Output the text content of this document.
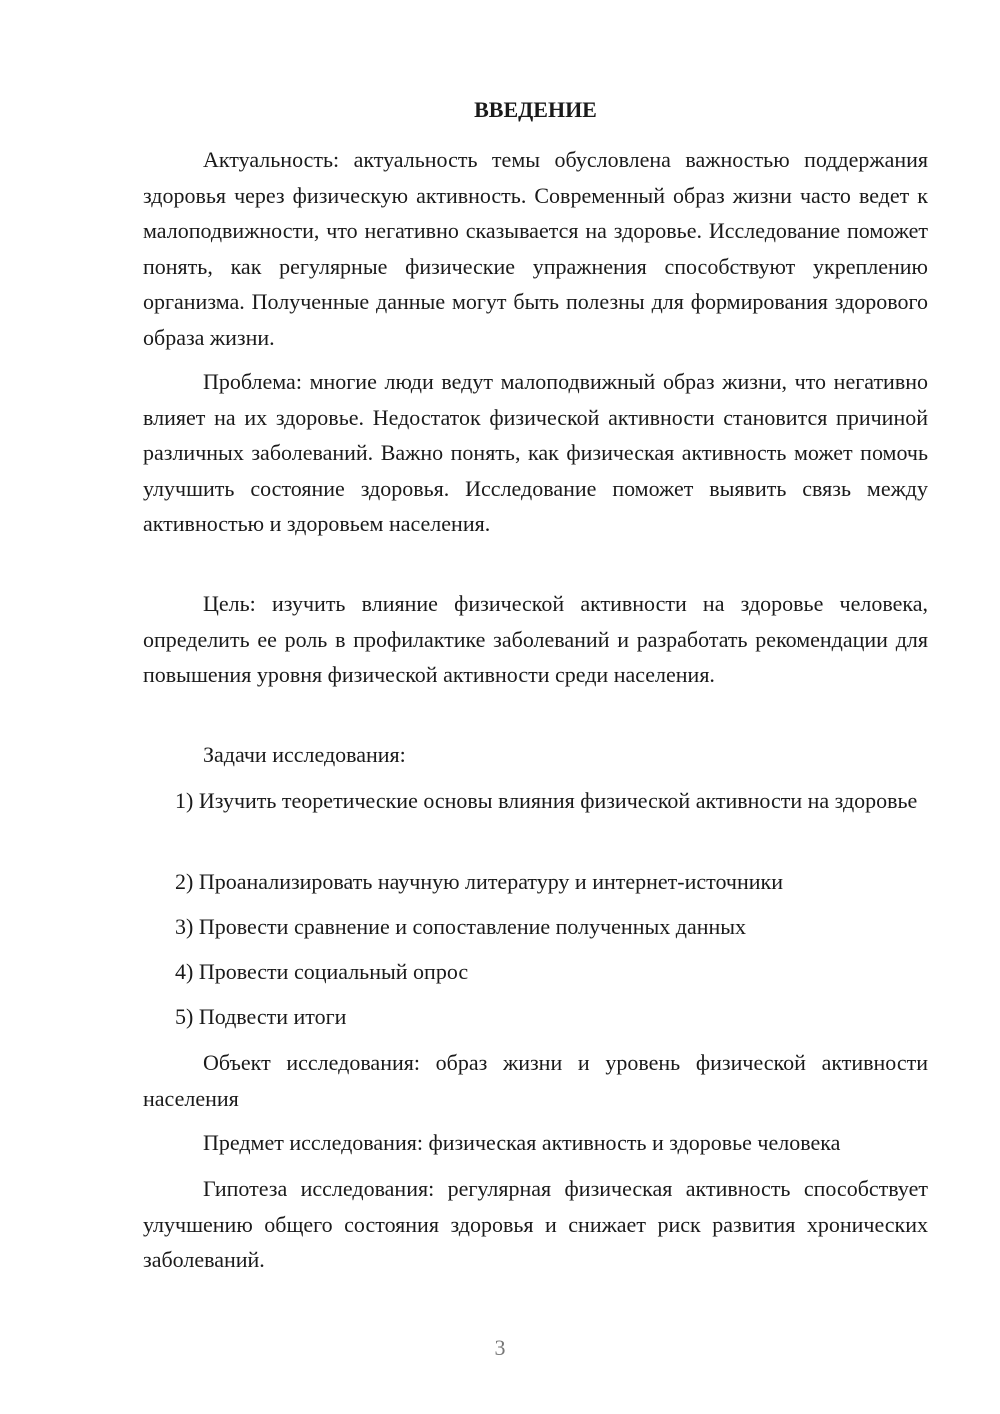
ВВЕДЕНИЕ

Актуальность: актуальность темы обусловлена важностью поддержания здоровья через физическую активность. Современный образ жизни часто ведет к малоподвижности, что негативно сказывается на здоровье. Исследование поможет понять, как регулярные физические упражнения способствуют укреплению организма. Полученные данные могут быть полезны для формирования здорового образа жизни.

Проблема: многие люди ведут малоподвижный образ жизни, что негативно влияет на их здоровье. Недостаток физической активности становится причиной различных заболеваний. Важно понять, как физическая активность может помочь улучшить состояние здоровья. Исследование поможет выявить связь между активностью и здоровьем населения.

Цель: изучить влияние физической активности на здоровье человека, определить ее роль в профилактике заболеваний и разработать рекомендации для повышения уровня физической активности среди населения.

Задачи исследования:

1) Изучить теоретические основы влияния физической активности на здоровье

2) Проанализировать научную литературу и интернет-источники

3) Провести сравнение и сопоставление полученных данных

4) Провести социальный опрос

5) Подвести итоги

Объект исследования: образ жизни и уровень физической активности населения

Предмет исследования: физическая активность и здоровье человека

Гипотеза исследования: регулярная физическая активность способствует улучшению общего состояния здоровья и снижает риск развития хронических заболеваний.

3
